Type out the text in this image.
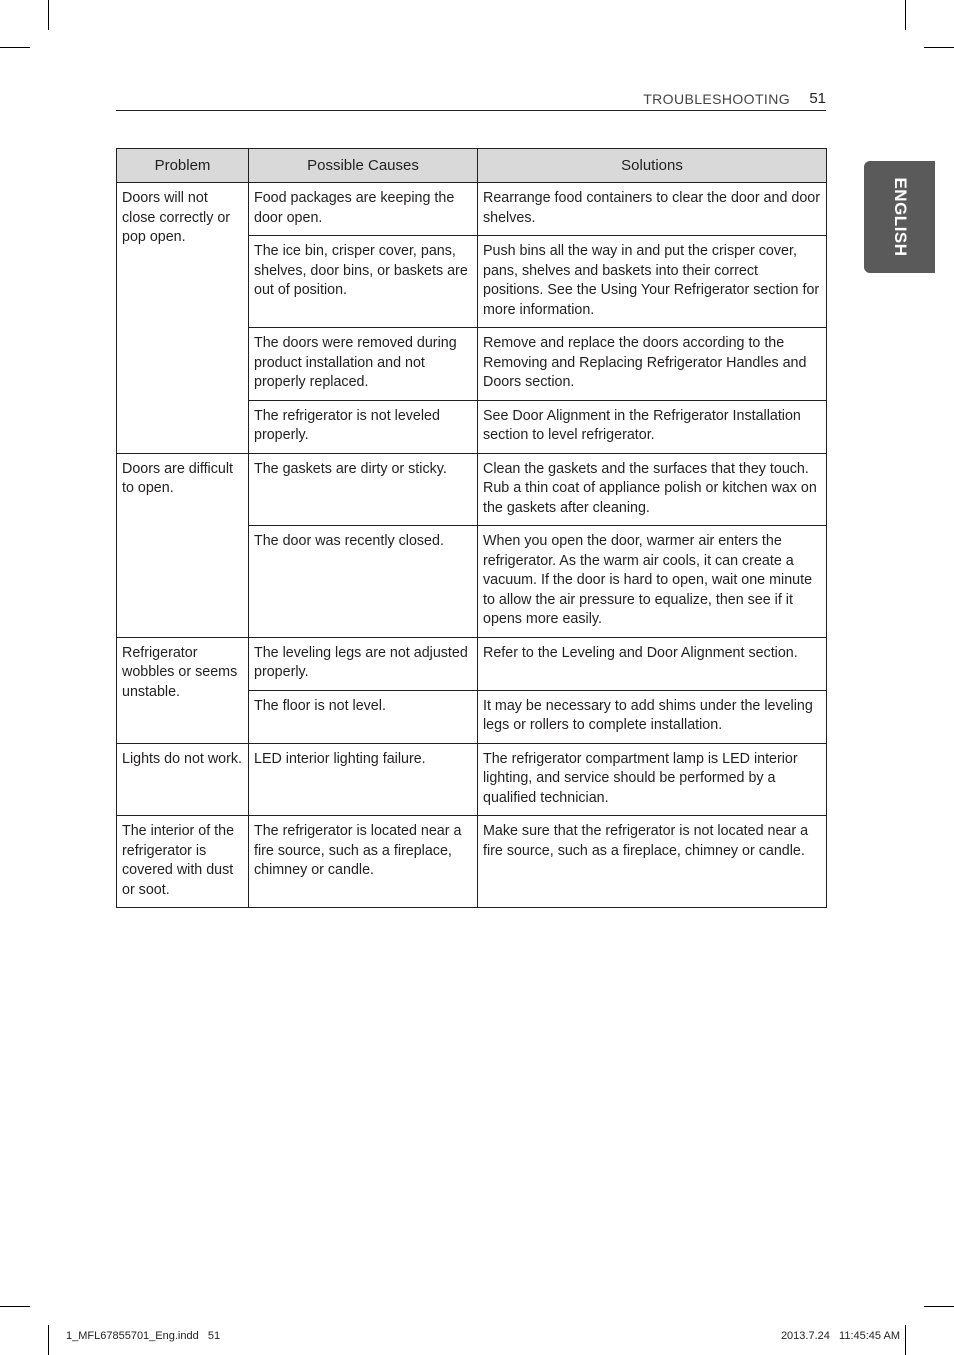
TROUBLESHOOTING 51
ENGLISH
Problem	Possible Causes	Solutions
Doors will not close correctly or pop open.	Food packages are keeping the door open.	Rearrange food containers to clear the door and door shelves.
	The ice bin, crisper cover, pans, shelves, door bins, or baskets are out of position.	Push bins all the way in and put the crisper cover, pans, shelves and baskets into their correct positions. See the Using Your Refrigerator section for more information.
	The doors were removed during product installation and not properly replaced.	Remove and replace the doors according to the Removing and Replacing Refrigerator Handles and Doors section.
	The refrigerator is not leveled properly.	See Door Alignment in the Refrigerator Installation section to level refrigerator.
Doors are difficult to open.	The gaskets are dirty or sticky.	Clean the gaskets and the surfaces that they touch. Rub a thin coat of appliance polish or kitchen wax on the gaskets after cleaning.
	The door was recently closed.	When you open the door, warmer air enters the refrigerator. As the warm air cools, it can create a vacuum. If the door is hard to open, wait one minute to allow the air pressure to equalize, then see if it opens more easily.
Refrigerator wobbles or seems unstable.	The leveling legs are not adjusted properly.	Refer to the Leveling and Door Alignment section.
	The floor is not level.	It may be necessary to add shims under the leveling legs or rollers to complete installation.
Lights do not work.	LED interior lighting failure.	The refrigerator compartment lamp is LED interior lighting, and service should be performed by a qualified technician.
The interior of the refrigerator is covered with dust or soot.	The refrigerator is located near a fire source, such as a fireplace, chimney or candle.	Make sure that the refrigerator is not located near a fire source, such as a fireplace, chimney or candle.
1_MFL67855701_Eng.indd   51	2013.7.24   11:45:45 AM
